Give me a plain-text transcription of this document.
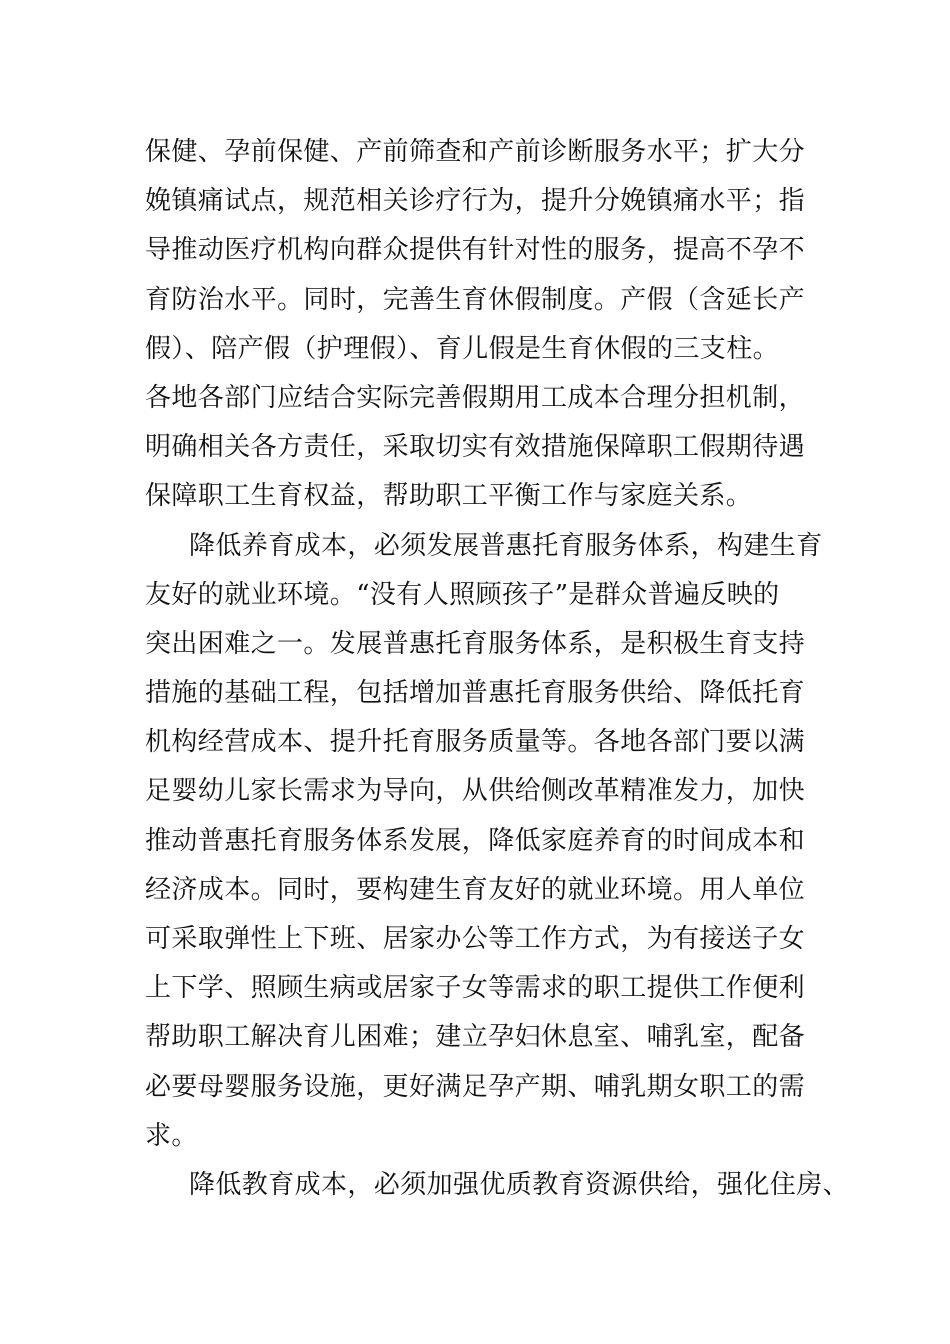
保健、孕前保健、产前筛查和产前诊断服务水平；扩大分
娩镇痛试点，规范相关诊疗行为，提升分娩镇痛水平；指
导推动医疗机构向群众提供有针对性的服务，提高不孕不
育防治水平。同时，完善生育休假制度。产假（含延长产
假）、陪产假（护理假）、育儿假是生育休假的三支柱。
各地各部门应结合实际完善假期用工成本合理分担机制，
明确相关各方责任，采取切实有效措施保障职工假期待遇
保障职工生育权益，帮助职工平衡工作与家庭关系。
降低养育成本，必须发展普惠托育服务体系，构建生育
友好的就业环境。“没有人照顾孩子”是群众普遍反映的
突出困难之一。发展普惠托育服务体系，是积极生育支持
措施的基础工程，包括增加普惠托育服务供给、降低托育
机构经营成本、提升托育服务质量等。各地各部门要以满
足婴幼儿家长需求为导向，从供给侧改革精准发力，加快
推动普惠托育服务体系发展，降低家庭养育的时间成本和
经济成本。同时，要构建生育友好的就业环境。用人单位
可采取弹性上下班、居家办公等工作方式，为有接送子女
上下学、照顾生病或居家子女等需求的职工提供工作便利
帮助职工解决育儿困难；建立孕妇休息室、哺乳室，配备
必要母婴服务设施，更好满足孕产期、哺乳期女职工的需
求。
降低教育成本，必须加强优质教育资源供给，强化住房、
